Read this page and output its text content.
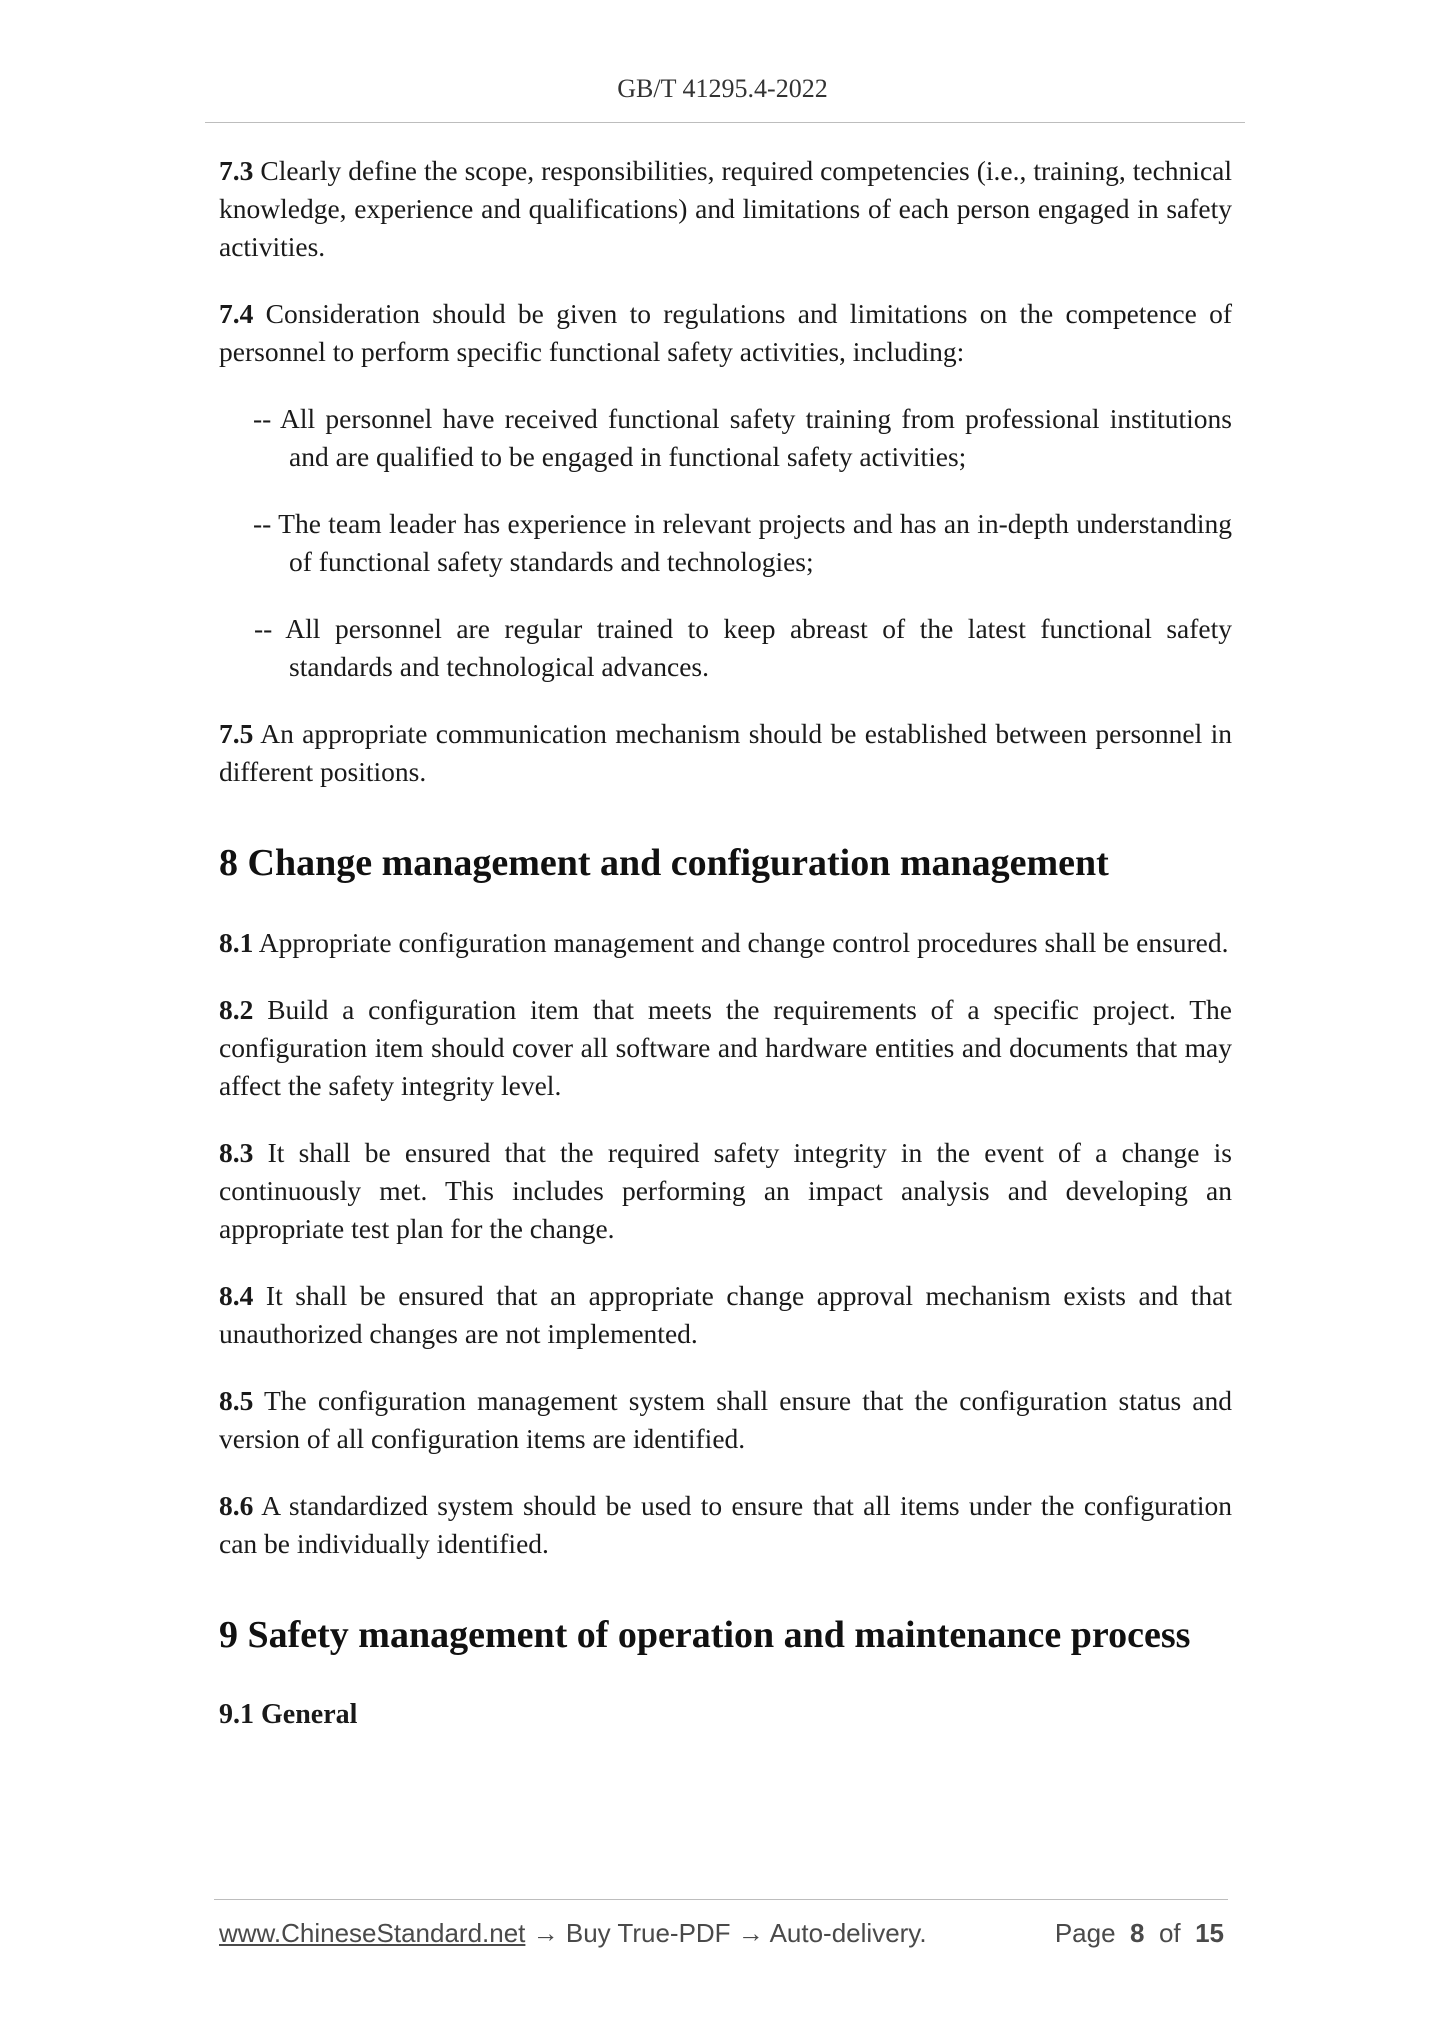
GB/T 41295.4-2022

7.3 Clearly define the scope, responsibilities, required competencies (i.e., training, technical knowledge, experience and qualifications) and limitations of each person engaged in safety activities.

7.4 Consideration should be given to regulations and limitations on the competence of personnel to perform specific functional safety activities, including:

-- All personnel have received functional safety training from professional institutions and are qualified to be engaged in functional safety activities;

-- The team leader has experience in relevant projects and has an in-depth understanding of functional safety standards and technologies;

-- All personnel are regular trained to keep abreast of the latest functional safety standards and technological advances.

7.5 An appropriate communication mechanism should be established between personnel in different positions.

8 Change management and configuration management

8.1 Appropriate configuration management and change control procedures shall be ensured.

8.2 Build a configuration item that meets the requirements of a specific project. The configuration item should cover all software and hardware entities and documents that may affect the safety integrity level.

8.3 It shall be ensured that the required safety integrity in the event of a change is continuously met. This includes performing an impact analysis and developing an appropriate test plan for the change.

8.4 It shall be ensured that an appropriate change approval mechanism exists and that unauthorized changes are not implemented.

8.5 The configuration management system shall ensure that the configuration status and version of all configuration items are identified.

8.6 A standardized system should be used to ensure that all items under the configuration can be individually identified.

9 Safety management of operation and maintenance process
9.1 General
www.ChineseStandard.net → Buy True-PDF → Auto-delivery.	Page 8 of 15
